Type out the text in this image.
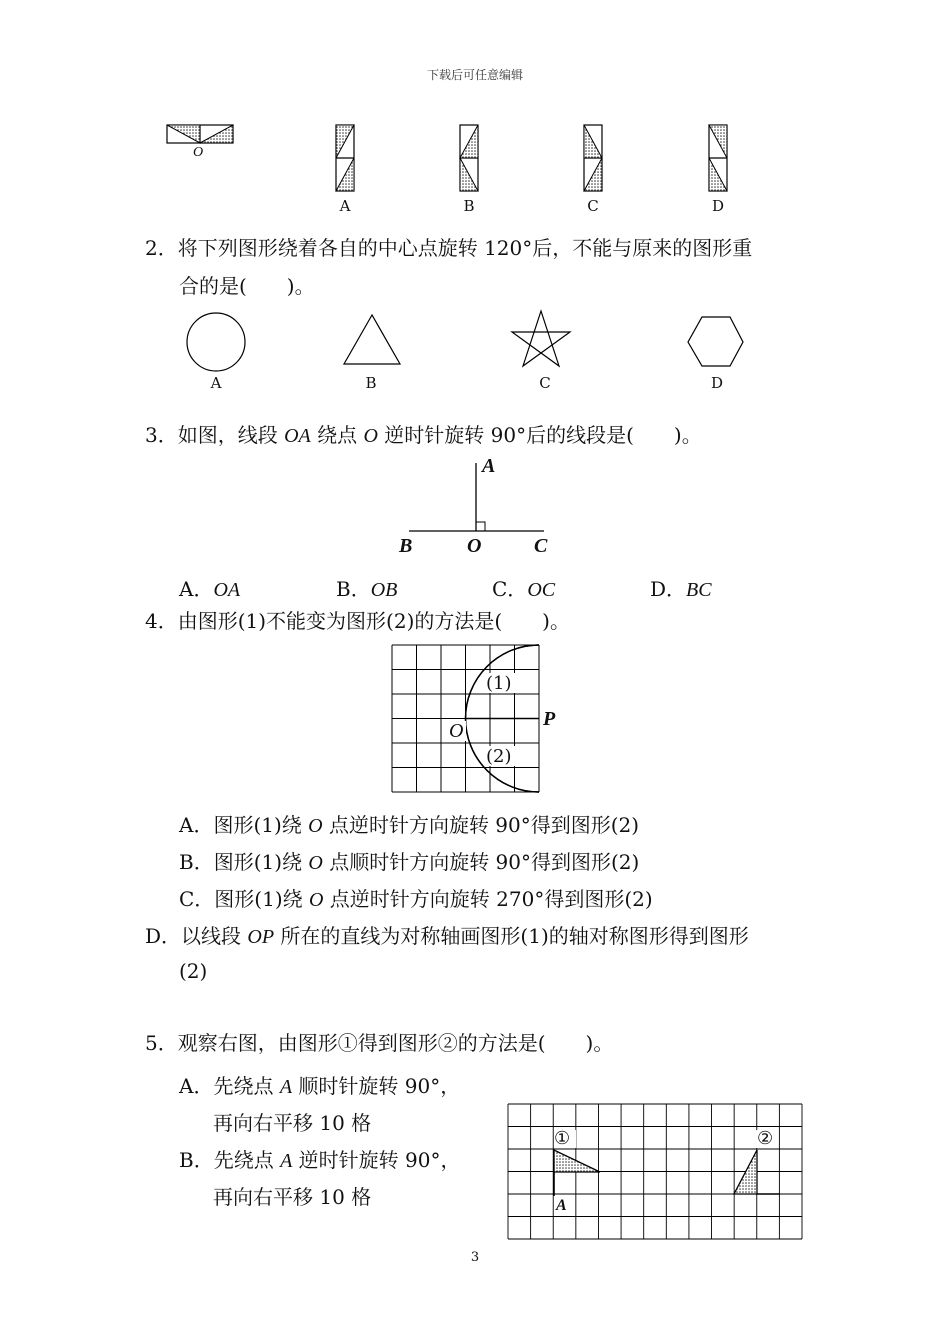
下载后可任意编辑
O
A	B	C	D
2．将下列图形绕着各自的中心点旋转 120°后，不能与原来的图形重
合的是(　　)。
A	B	C	D
3．如图，线段 OA 绕点 O 逆时针旋转 90°后的线段是(　　)。
A
B	O	C
A．OA	B．OB	C．OC	D．BC
4．由图形(1)不能变为图形(2)的方法是(　　)。
(1)
(2)
O
P
A．图形(1)绕 O 点逆时针方向旋转 90°得到图形(2)
B．图形(1)绕 O 点顺时针方向旋转 90°得到图形(2)
C．图形(1)绕 O 点逆时针方向旋转 270°得到图形(2)
D．以线段 OP 所在的直线为对称轴画图形(1)的轴对称图形得到图形
(2)
5．观察右图，由图形①得到图形②的方法是(　　)。
A．先绕点 A 顺时针旋转 90°，
再向右平移 10 格
B．先绕点 A 逆时针旋转 90°，
再向右平移 10 格
①	②
A
3
